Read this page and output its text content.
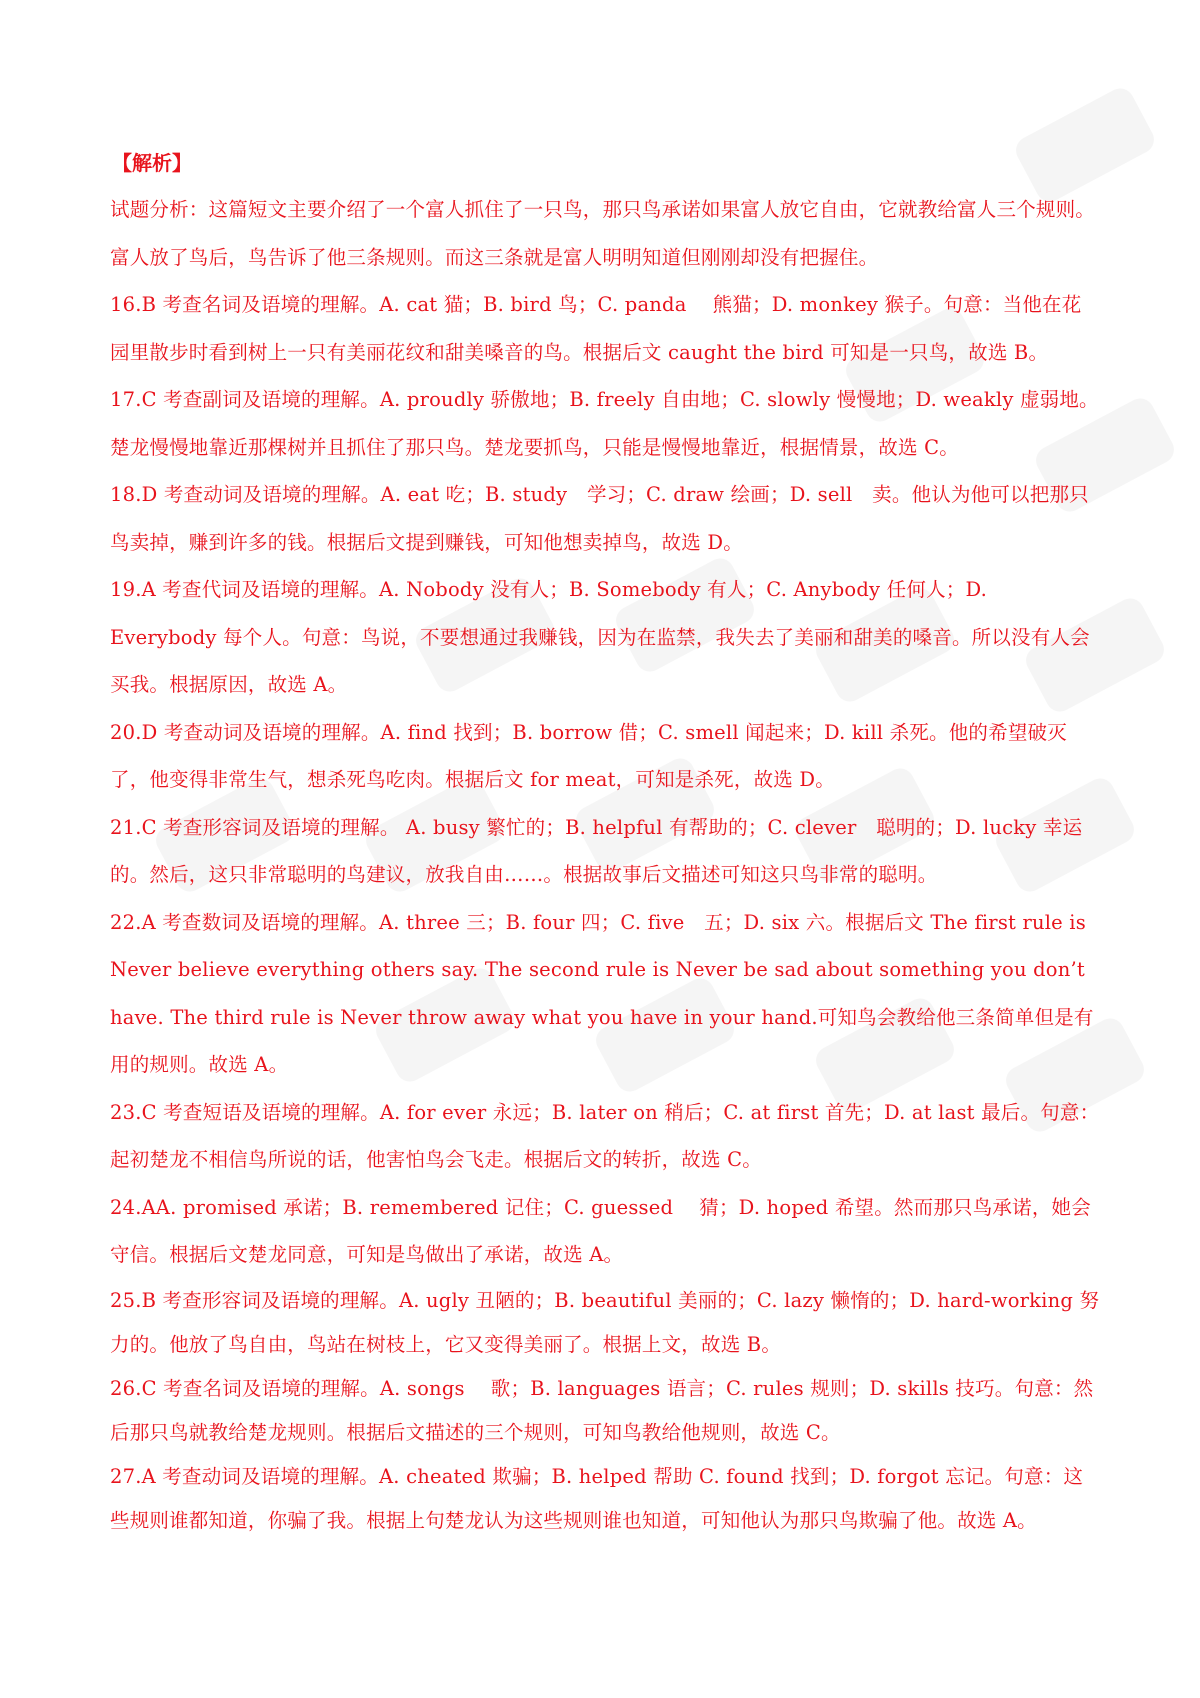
【解析】

试题分析：这篇短文主要介绍了一个富人抓住了一只鸟，那只鸟承诺如果富人放它自由，它就教给富人三个规则。富人放了鸟后，鸟告诉了他三条规则。而这三条就是富人明明知道但刚刚却没有把握住。

16.B 考查名词及语境的理解。A. cat 猫；B. bird 鸟；C. panda　 熊猫；D. monkey 猴子。句意：当他在花园里散步时看到树上一只有美丽花纹和甜美嗓音的鸟。根据后文 caught the bird 可知是一只鸟，故选 B。

17.C 考查副词及语境的理解。A. proudly 骄傲地；B. freely 自由地；C. slowly 慢慢地；D. weakly 虚弱地。楚龙慢慢地靠近那棵树并且抓住了那只鸟。楚龙要抓鸟，只能是慢慢地靠近，根据情景，故选 C。

18.D 考查动词及语境的理解。A. eat 吃；B. study　学习；C. draw 绘画；D. sell　卖。他认为他可以把那只鸟卖掉，赚到许多的钱。根据后文提到赚钱，可知他想卖掉鸟，故选 D。

19.A 考查代词及语境的理解。A. Nobody 没有人；B. Somebody 有人；C. Anybody 任何人；D. Everybody 每个人。句意：鸟说，不要想通过我赚钱，因为在监禁，我失去了美丽和甜美的嗓音。所以没有人会买我。根据原因，故选 A。

20.D 考查动词及语境的理解。A. find 找到；B. borrow 借；C. smell 闻起来；D. kill 杀死。他的希望破灭了，他变得非常生气，想杀死鸟吃肉。根据后文 for meat，可知是杀死，故选 D。

21.C 考查形容词及语境的理解。 A. busy 繁忙的；B. helpful 有帮助的；C. clever　聪明的；D. lucky 幸运的。然后，这只非常聪明的鸟建议，放我自由……。根据故事后文描述可知这只鸟非常的聪明。

22.A 考查数词及语境的理解。A. three 三；B. four 四；C. five　五；D. six 六。根据后文 The first rule is Never believe everything others say. The second rule is Never be sad about something you don’t have. The third rule is Never throw away what you have in your hand.可知鸟会教给他三条简单但是有用的规则。故选 A。

23.C 考查短语及语境的理解。A. for ever 永远；B. later on 稍后；C. at first 首先；D. at last 最后。句意：起初楚龙不相信鸟所说的话，他害怕鸟会飞走。根据后文的转折，故选 C。

24.AA. promised 承诺；B. remembered 记住；C. guessed　 猜；D. hoped 希望。然而那只鸟承诺，她会守信。根据后文楚龙同意，可知是鸟做出了承诺，故选 A。

25.B 考查形容词及语境的理解。A. ugly 丑陋的；B. beautiful 美丽的；C. lazy 懒惰的；D. hard-working 努力的。他放了鸟自由，鸟站在树枝上，它又变得美丽了。根据上文，故选 B。

26.C 考查名词及语境的理解。A. songs　 歌；B. languages 语言；C. rules 规则；D. skills 技巧。句意：然后那只鸟就教给楚龙规则。根据后文描述的三个规则，可知鸟教给他规则，故选 C。

27.A 考查动词及语境的理解。A. cheated 欺骗；B. helped 帮助 C. found 找到；D. forgot 忘记。句意：这些规则谁都知道，你骗了我。根据上句楚龙认为这些规则谁也知道，可知他认为那只鸟欺骗了他。故选 A。
